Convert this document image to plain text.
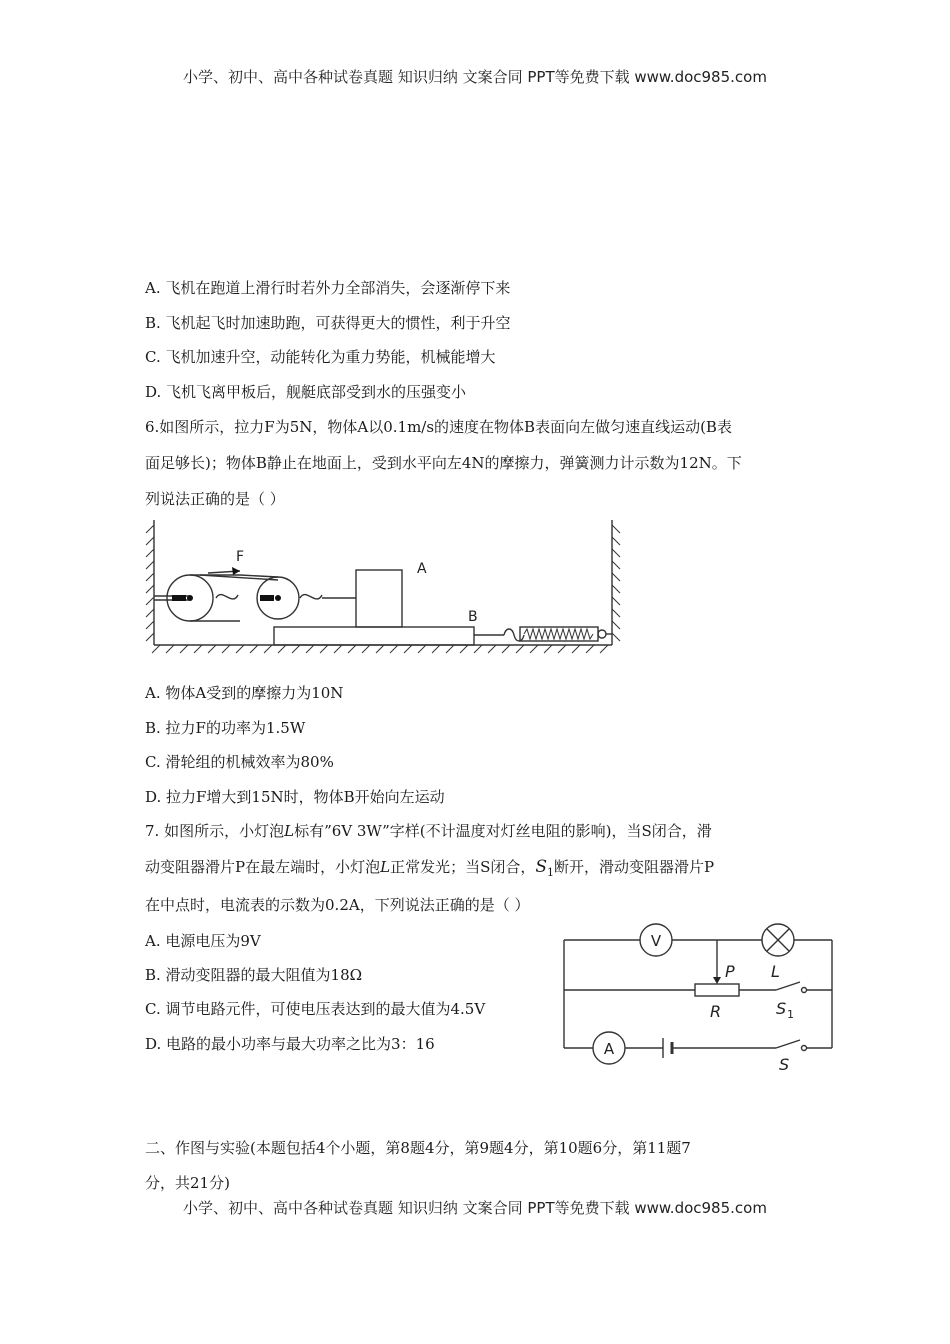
小学、初中、高中各种试卷真题 知识归纳 文案合同 PPT等免费下载 www.doc985.com
A. 飞机在跑道上滑行时若外力全部消失，会逐渐停下来
B. 飞机起飞时加速助跑，可获得更大的惯性，利于升空
C. 飞机加速升空，动能转化为重力势能，机械能增大
D. 飞机飞离甲板后，舰艇底部受到水的压强变小
6.如图所示，拉力F为5N，物体A以0.1m/s的速度在物体B表面向左做匀速直线运动(B表
面足够长)；物体B静止在地面上，受到水平向左4N的摩擦力，弹簧测力计示数为12N。下
列说法正确的是（ ）
F
A
B
A. 物体A受到的摩擦力为10N
B. 拉力F的功率为1.5W
C. 滑轮组的机械效率为80%
D. 拉力F增大到15N时，物体B开始向左运动
7. 如图所示，小灯泡L标有”6V 3W”字样(不计温度对灯丝电阻的影响)，当S闭合，滑
动变阻器滑片P在最左端时，小灯泡L正常发光；当S闭合，$S_1$断开，滑动变阻器滑片P
在中点时，电流表的示数为0.2A，下列说法正确的是（ ）
A. 电源电压为9V
B. 滑动变阻器的最大阻值为18Ω
C. 调节电路元件，可使电压表达到的最大值为4.5V
D. 电路的最小功率与最大功率之比为3：16
V
A
P
R
L
S 1
S
二、作图与实验(本题包括4个小题，第8题4分，第9题4分，第10题6分，第11题7
分，共21分)
小学、初中、高中各种试卷真题 知识归纳 文案合同 PPT等免费下载 www.doc985.com
